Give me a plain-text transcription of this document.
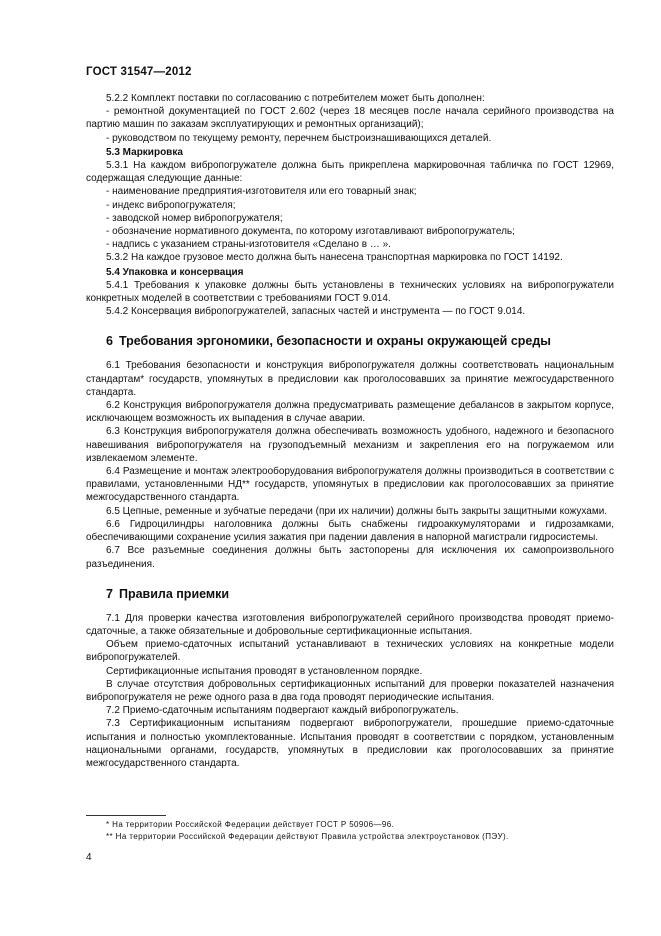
ГОСТ 31547—2012

5.2.2 Комплект поставки по согласованию с потребителем может быть дополнен:

- ремонтной документацией по ГОСТ 2.602 (через 18 месяцев после начала серийного производства на партию машин по заказам эксплуатирующих и ремонтных организаций);

- руководством по текущему ремонту, перечнем быстроизнашивающихся деталей.

5.3 Маркировка

5.3.1 На каждом вибропогружателе должна быть прикреплена маркировочная табличка по ГОСТ 12969, содержащая следующие данные:

- наименование предприятия-изготовителя или его товарный знак;

- индекс вибропогружателя;

- заводской номер вибропогружателя;

- обозначение нормативного документа, по которому изготавливают вибропогружатель;

- надпись с указанием страны-изготовителя «Сделано в … ».

5.3.2 На каждое грузовое место должна быть нанесена транспортная маркировка по ГОСТ 14192.

5.4 Упаковка и консервация

5.4.1 Требования к упаковке должны быть установлены в технических условиях на вибропогружатели конкретных моделей в соответствии с требованиями ГОСТ 9.014.

5.4.2 Консервация вибропогружателей, запасных частей и инструмента — по ГОСТ 9.014.

6 Требования эргономики, безопасности и охраны окружающей среды

6.1 Требования безопасности и конструкция вибропогружателя должны соответствовать национальным стандартам* государств, упомянутых в предисловии как проголосовавших за принятие межгосударственного стандарта.

6.2 Конструкция вибропогружателя должна предусматривать размещение дебалансов в закрытом корпусе, исключающем возможность их выпадения в случае аварии.

6.3 Конструкция вибропогружателя должна обеспечивать возможность удобного, надежного и безопасного навешивания вибропогружателя на грузоподъемный механизм и закрепления его на погружаемом или извлекаемом элементе.

6.4 Размещение и монтаж электрооборудования вибропогружателя должны производиться в соответствии с правилами, установленными НД** государств, упомянутых в предисловии как проголосовавших за принятие межгосударственного стандарта.

6.5 Цепные, ременные и зубчатые передачи (при их наличии) должны быть закрыты защитными кожухами.

6.6 Гидроцилиндры наголовника должны быть снабжены гидроаккумуляторами и гидрозамками, обеспечивающими сохранение усилия зажатия при падении давления в напорной магистрали гидросистемы.

6.7 Все разъемные соединения должны быть застопорены для исключения их самопроизвольного разъединения.

7 Правила приемки

7.1 Для проверки качества изготовления вибропогружателей серийного производства проводят приемо-сдаточные, а также обязательные и добровольные сертификационные испытания.

Объем приемо-сдаточных испытаний устанавливают в технических условиях на конкретные модели вибропогружателей.

Сертификационные испытания проводят в установленном порядке.

В случае отсутствия добровольных сертификационных испытаний для проверки показателей назначения вибропогружателя не реже одного раза в два года проводят периодические испытания.

7.2 Приемо-сдаточным испытаниям подвергают каждый вибропогружатель.

7.3 Сертификационным испытаниям подвергают вибропогружатели, прошедшие приемо-сдаточные испытания и полностью укомплектованные. Испытания проводят в соответствии с порядком, установленным национальными органами, государств, упомянутых в предисловии как проголосовавших за принятие межгосударственного стандарта.

* На территории Российской Федерации действует ГОСТ Р 50906—96.
** На территории Российской Федерации действуют Правила устройства электроустановок (ПЭУ).
4
